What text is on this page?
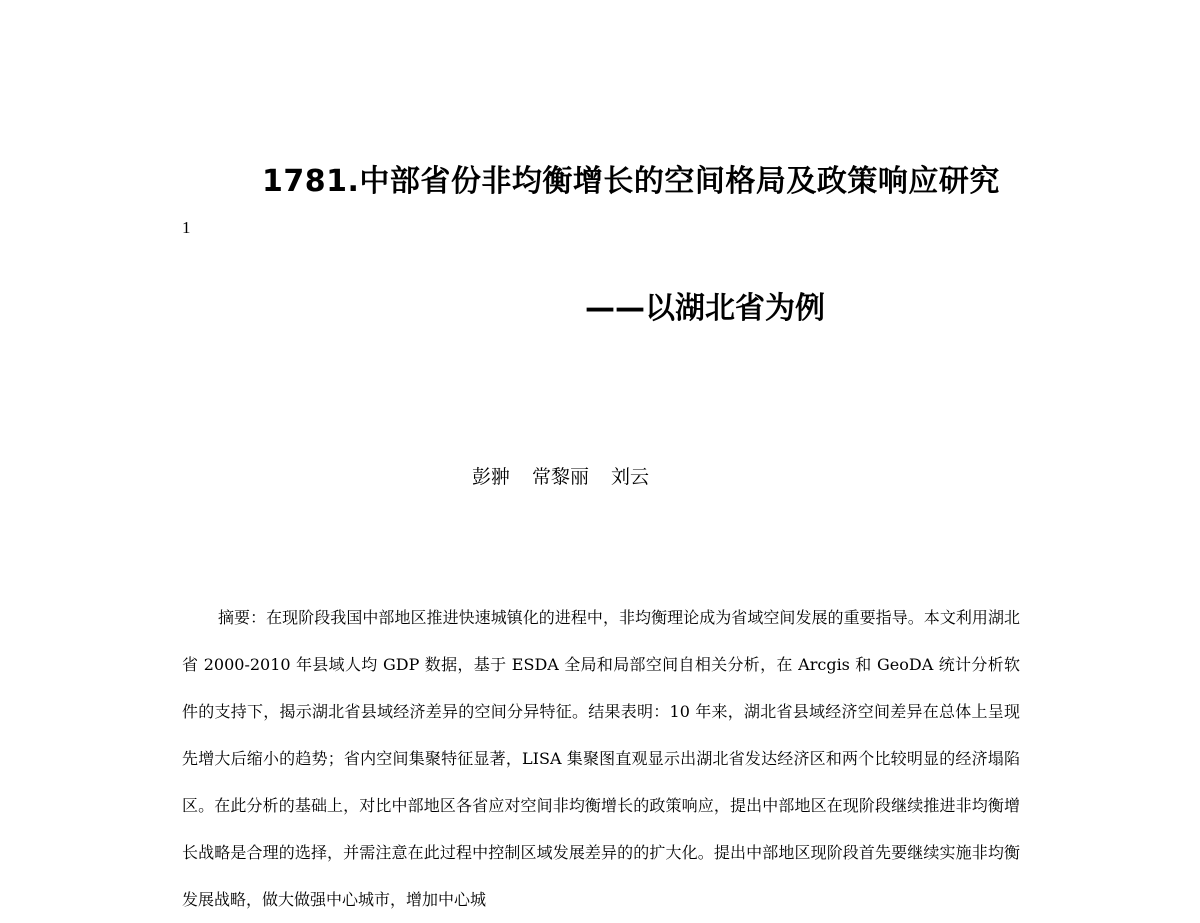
1781.中部省份非均衡增长的空间格局及政策响应研究
1
——以湖北省为例
彭翀 常黎丽 刘云
摘要：在现阶段我国中部地区推进快速城镇化的进程中，非均衡理论成为省域空间发展的重要指导。本文利用湖北省 2000-2010 年县域人均 GDP 数据，基于 ESDA 全局和局部空间自相关分析，在 Arcgis 和 GeoDA 统计分析软件的支持下，揭示湖北省县域经济差异的空间分异特征。结果表明：10 年来，湖北省县域经济空间差异在总体上呈现先增大后缩小的趋势；省内空间集聚特征显著，LISA 集聚图直观显示出湖北省发达经济区和两个比较明显的经济塌陷区。在此分析的基础上，对比中部地区各省应对空间非均衡增长的政策响应，提出中部地区在现阶段继续推进非均衡增长战略是合理的选择，并需注意在此过程中控制区域发展差异的的扩大化。提出中部地区现阶段首先要继续实施非均衡发展战略，做大做强中心城市，增加中心城
